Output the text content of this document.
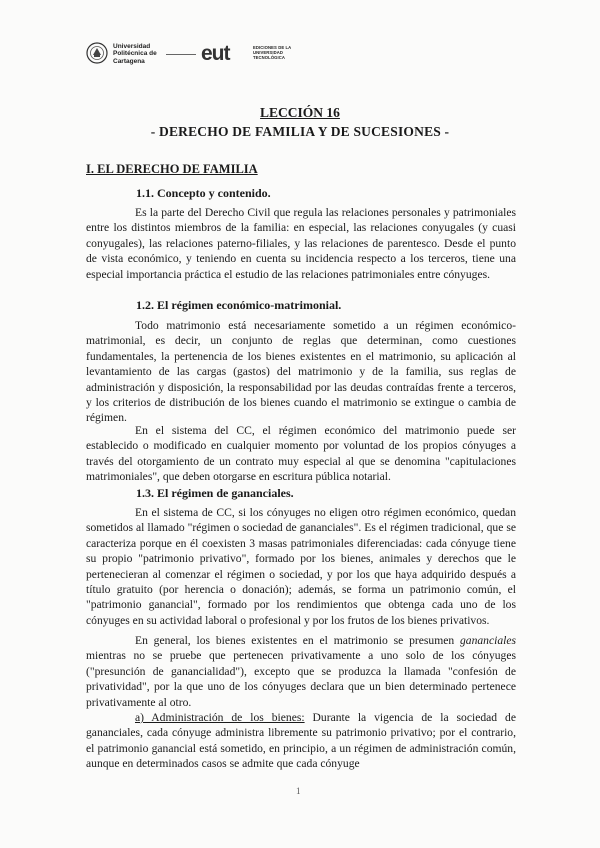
Universidad Politécnica de Cartagena	eut	EDICIONES DE LA UNIVERSIDAD TECNOLÓGICA
LECCIÓN 16
- DERECHO DE FAMILIA Y DE SUCESIONES -
I. EL DERECHO DE FAMILIA
1.1. Concepto y contenido.

Es la parte del Derecho Civil que regula las relaciones personales y patrimoniales entre los distintos miembros de la familia: en especial, las relaciones conyugales (y cuasi conyugales), las relaciones paterno-filiales, y las relaciones de parentesco. Desde el punto de vista económico, y teniendo en cuenta su incidencia respecto a los terceros, tiene una especial importancia práctica el estudio de las relaciones patrimoniales entre cónyuges.

1.2. El régimen económico-matrimonial.

Todo matrimonio está necesariamente sometido a un régimen económico-matrimonial, es decir, un conjunto de reglas que determinan, como cuestiones fundamentales, la pertenencia de los bienes existentes en el matrimonio, su aplicación al levantamiento de las cargas (gastos) del matrimonio y de la familia, sus reglas de administración y disposición, la responsabilidad por las deudas contraídas frente a terceros, y los criterios de distribución de los bienes cuando el matrimonio se extingue o cambia de régimen.

En el sistema del CC, el régimen económico del matrimonio puede ser establecido o modificado en cualquier momento por voluntad de los propios cónyuges a través del otorgamiento de un contrato muy especial al que se denomina "capitulaciones matrimoniales", que deben otorgarse en escritura pública notarial.

1.3. El régimen de gananciales.

En el sistema de CC, si los cónyuges no eligen otro régimen económico, quedan sometidos al llamado "régimen o sociedad de gananciales". Es el régimen tradicional, que se caracteriza porque en él coexisten 3 masas patrimoniales diferenciadas: cada cónyuge tiene su propio "patrimonio privativo", formado por los bienes, animales y derechos que le pertenecieran al comenzar el régimen o sociedad, y por los que haya adquirido después a título gratuito (por herencia o donación); además, se forma un patrimonio común, el "patrimonio ganancial", formado por los rendimientos que obtenga cada uno de los cónyuges en su actividad laboral o profesional y por los frutos de los bienes privativos.

En general, los bienes existentes en el matrimonio se presumen gananciales mientras no se pruebe que pertenecen privativamente a uno solo de los cónyuges ("presunción de ganancialidad"), excepto que se produzca la llamada "confesión de privatividad", por la que uno de los cónyuges declara que un bien determinado pertenece privativamente al otro.

a) Administración de los bienes: Durante la vigencia de la sociedad de gananciales, cada cónyuge administra libremente su patrimonio privativo; por el contrario, el patrimonio ganancial está sometido, en principio, a un régimen de administración común, aunque en determinados casos se admite que cada cónyuge

1
